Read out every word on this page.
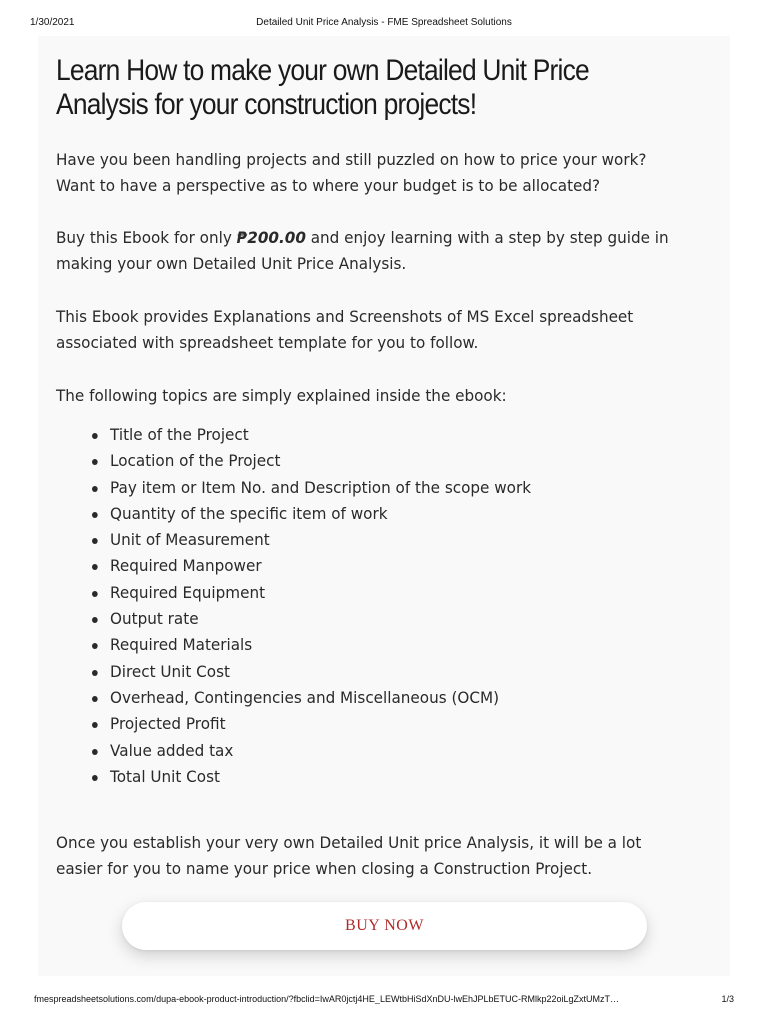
1/30/2021	Detailed Unit Price Analysis - FME Spreadsheet Solutions
Learn How to make your own Detailed Unit Price Analysis for your construction projects!

Have you been handling projects and still puzzled on how to price your work? Want to have a perspective as to where your budget is to be allocated?

Buy this Ebook for only ₱200.00 and enjoy learning with a step by step guide in making your own Detailed Unit Price Analysis.

This Ebook provides Explanations and Screenshots of MS Excel spreadsheet associated with spreadsheet template for you to follow.

The following topics are simply explained inside the ebook:

Title of the Project
Location of the Project
Pay item or Item No. and Description of the scope work
Quantity of the specific item of work
Unit of Measurement
Required Manpower
Required Equipment
Output rate
Required Materials
Direct Unit Cost
Overhead, Contingencies and Miscellaneous (OCM)
Projected Profit
Value added tax
Total Unit Cost

Once you establish your very own Detailed Unit price Analysis, it will be a lot easier for you to name your price when closing a Construction Project.

BUY NOW
fmespreadsheetsolutions.com/dupa-ebook-product-introduction/?fbclid=IwAR0jctj4HE_LEWtbHiSdXnDU-lwEhJPLbETUC-RMlkp22oiLgZxtUMzT…	1/3
